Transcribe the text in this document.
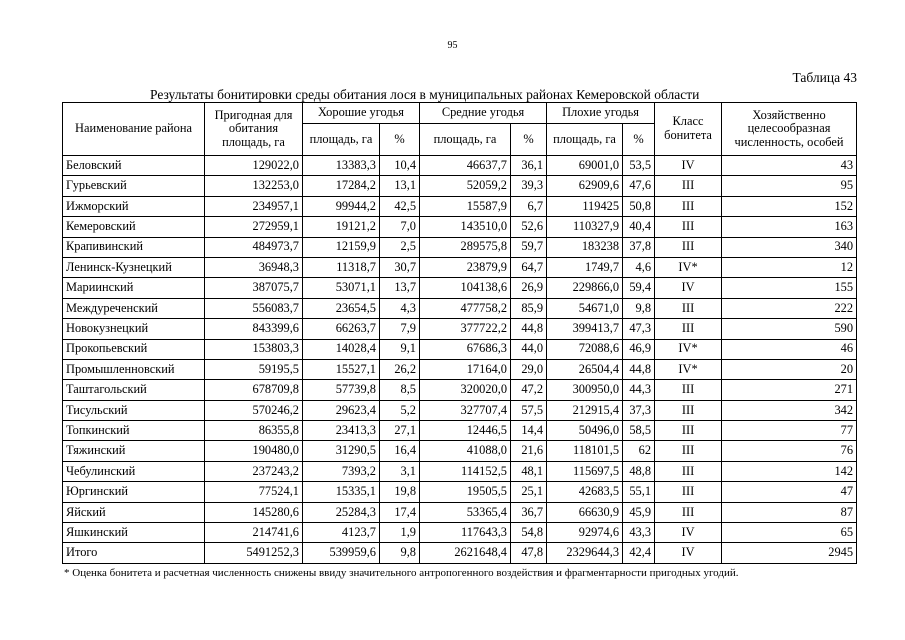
95
Таблица 43
Результаты бонитировки среды обитания лося в муниципальных районах Кемеровской области
Наименование района	Пригодная для обитания площадь, га	Хорошие угодья		Средние угодья		Плохие угодья		Класс бонитета	Хозяйственно целесообразная численность, особей
		площадь, га	%	площадь, га	%	площадь, га	%		
Беловский	129022,0	13383,3	10,4	46637,7	36,1	69001,0	53,5	IV	43
Гурьевский	132253,0	17284,2	13,1	52059,2	39,3	62909,6	47,6	III	95
Ижморский	234957,1	99944,2	42,5	15587,9	6,7	119425	50,8	III	152
Кемеровский	272959,1	19121,2	7,0	143510,0	52,6	110327,9	40,4	III	163
Крапивинский	484973,7	12159,9	2,5	289575,8	59,7	183238	37,8	III	340
Ленинск-Кузнецкий	36948,3	11318,7	30,7	23879,9	64,7	1749,7	4,6	IV*	12
Мариинский	387075,7	53071,1	13,7	104138,6	26,9	229866,0	59,4	IV	155
Междуреченский	556083,7	23654,5	4,3	477758,2	85,9	54671,0	9,8	III	222
Новокузнецкий	843399,6	66263,7	7,9	377722,2	44,8	399413,7	47,3	III	590
Прокопьевский	153803,3	14028,4	9,1	67686,3	44,0	72088,6	46,9	IV*	46
Промышленновский	59195,5	15527,1	26,2	17164,0	29,0	26504,4	44,8	IV*	20
Таштагольский	678709,8	57739,8	8,5	320020,0	47,2	300950,0	44,3	III	271
Тисульский	570246,2	29623,4	5,2	327707,4	57,5	212915,4	37,3	III	342
Топкинский	86355,8	23413,3	27,1	12446,5	14,4	50496,0	58,5	III	77
Тяжинский	190480,0	31290,5	16,4	41088,0	21,6	118101,5	62	III	76
Чебулинский	237243,2	7393,2	3,1	114152,5	48,1	115697,5	48,8	III	142
Юргинский	77524,1	15335,1	19,8	19505,5	25,1	42683,5	55,1	III	47
Яйский	145280,6	25284,3	17,4	53365,4	36,7	66630,9	45,9	III	87
Яшкинский	214741,6	4123,7	1,9	117643,3	54,8	92974,6	43,3	IV	65
Итого	5491252,3	539959,6	9,8	2621648,4	47,8	2329644,3	42,4	IV	2945
* Оценка бонитета и расчетная численность снижены ввиду значительного антропогенного воздействия и фрагментарности пригодных угодий.
